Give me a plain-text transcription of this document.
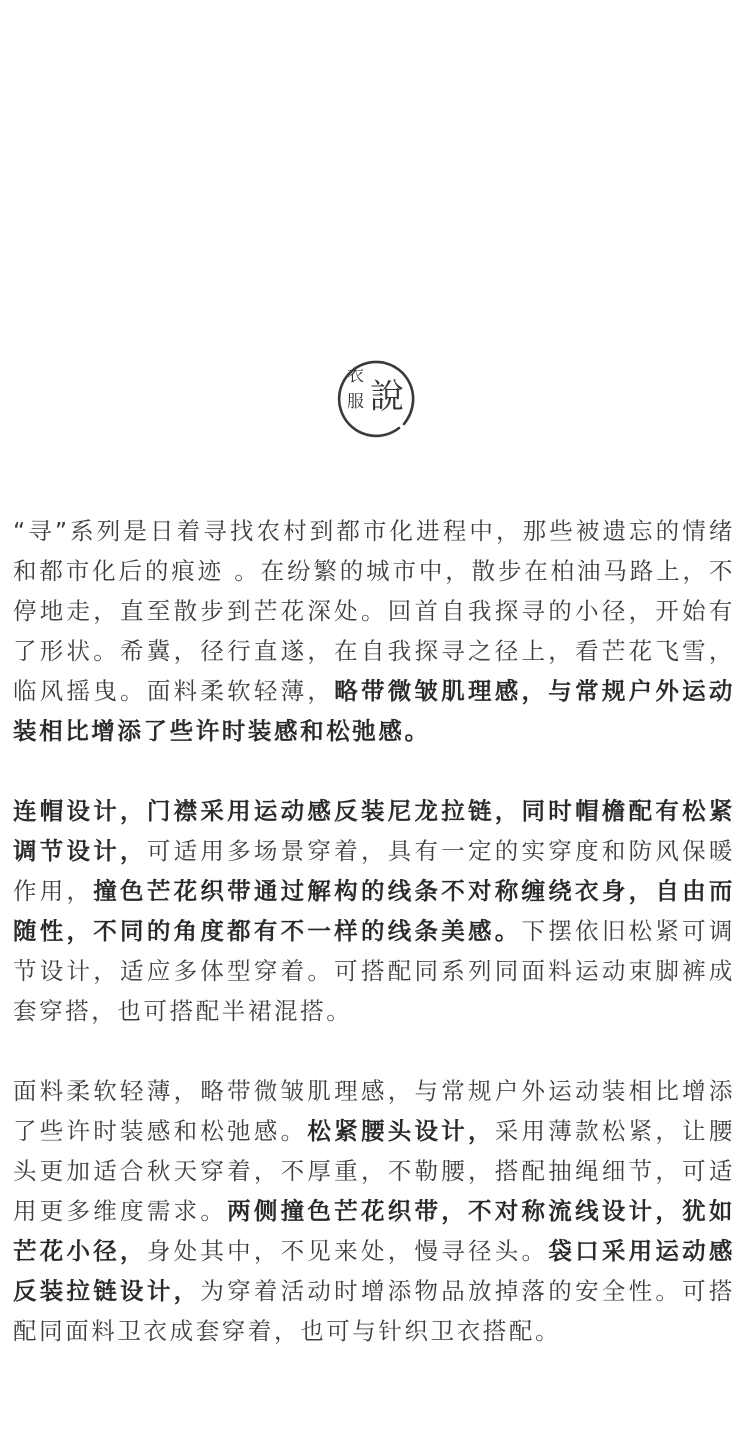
衣
服 說

“寻”系列是日着寻找农村到都市化进程中，那些被遗忘的情绪和都市化后的痕迹 。在纷繁的城市中，散步在柏油马路上，不停地走，直至散步到芒花深处。回首自我探寻的小径，开始有了形状。希冀，径行直遂，在自我探寻之径上，看芒花飞雪，临风摇曳。面料柔软轻薄，略带微皱肌理感，与常规户外运动装相比增添了些许时装感和松弛感。

连帽设计，门襟采用运动感反装尼龙拉链，同时帽檐配有松紧调节设计，可适用多场景穿着，具有一定的实穿度和防风保暖作用，撞色芒花织带通过解构的线条不对称缠绕衣身，自由而随性，不同的角度都有不一样的线条美感。下摆依旧松紧可调节设计，适应多体型穿着。可搭配同系列同面料运动束脚裤成套穿搭，也可搭配半裙混搭。

面料柔软轻薄，略带微皱肌理感，与常规户外运动装相比增添了些许时装感和松弛感。松紧腰头设计，采用薄款松紧，让腰头更加适合秋天穿着，不厚重，不勒腰，搭配抽绳细节，可适用更多维度需求。两侧撞色芒花织带，不对称流线设计，犹如芒花小径，身处其中，不见来处，慢寻径头。袋口采用运动感反装拉链设计，为穿着活动时增添物品放掉落的安全性。可搭配同面料卫衣成套穿着，也可与针织卫衣搭配。
